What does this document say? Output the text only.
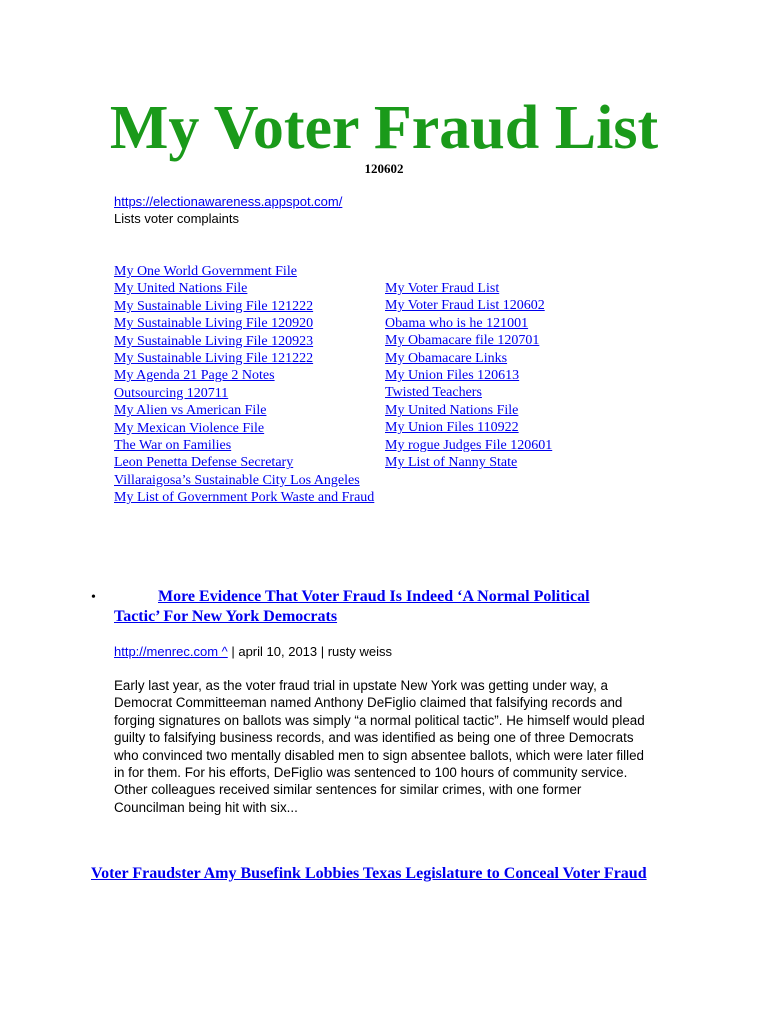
My Voter Fraud List
120602
https://electionawareness.appspot.com/
Lists voter complaints
My One World Government File
My United Nations File
My Sustainable Living File 121222
My Sustainable Living File 120920
My Sustainable Living File 120923
My Sustainable Living File 121222
My Agenda 21 Page 2 Notes
Outsourcing 120711
My Alien vs American File
My Mexican Violence File
The War on Families
Leon Penetta Defense Secretary
Villaraigosa’s Sustainable City Los Angeles
My List of Government Pork Waste and Fraud
My Voter Fraud List
My Voter Fraud List 120602
Obama who is he 121001
My Obamacare file 120701
My Obamacare Links
My Union Files 120613
Twisted Teachers
My United Nations File
My Union Files 110922
My rogue Judges File 120601
My List of Nanny State
•	More Evidence That Voter Fraud Is Indeed ‘A Normal Political Tactic’ For New York Democrats
http://menrec.com ^ | april 10, 2013 | rusty weiss

Early last year, as the voter fraud trial in upstate New York was getting under way, a Democrat Committeeman named Anthony DeFiglio claimed that falsifying records and forging signatures on ballots was simply “a normal political tactic”. He himself would plead guilty to falsifying business records, and was identified as being one of three Democrats who convinced two mentally disabled men to sign absentee ballots, which were later filled in for them. For his efforts, DeFiglio was sentenced to 100 hours of community service. Other colleagues received similar sentences for similar crimes, with one former Councilman being hit with six...

Voter Fraudster Amy Busefink Lobbies Texas Legislature to Conceal Voter Fraud
